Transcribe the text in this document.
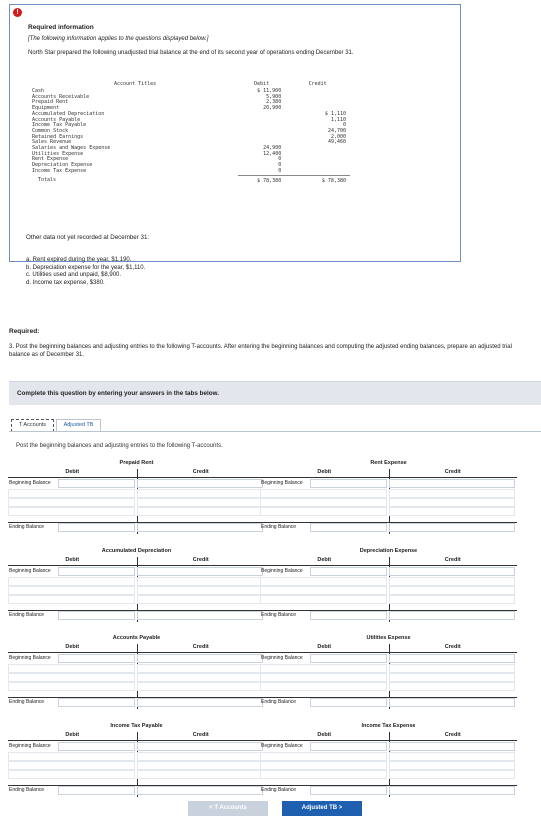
!
Required information
[The following information applies to the questions displayed below.]
North Star prepared the following unadjusted trial balance at the end of its second year of operations ending December 31.
Account Titles	Debit	Credit
Cash	$ 11,900	
Accounts Receivable	5,900	
Prepaid Rent	2,380	
Equipment	20,900	
Accumulated Depreciation		$ 1,110
Accounts Payable		1,110
Income Tax Payable		0
Common Stock		24,700
Retained Earnings		2,000
Sales Revenue		49,460
Salaries and Wages Expense	24,900	
Utilities Expense	12,400	
Rent Expense	0	
Depreciation Expense	0	
Income Tax Expense	0	
Totals	$ 78,380	$ 78,380
Other data not yet recorded at December 31:
a. Rent expired during the year, $1,190.
b. Depreciation expense for the year, $1,110.
c. Utilities used and unpaid, $8,900.
d. Income tax expense, $380.
Required:
3. Post the beginning balances and adjusting entries to the following T-accounts. After entering the beginning balances and computing the adjusted ending balances, prepare an adjusted trial balance as of December 31.
Complete this question by entering your answers in the tabs below.
T Accounts	Adjusted TB
Post the beginning balances and adjusting entries to the following T-accounts.
Prepaid Rent
Debit	Credit
Beginning Balance
Ending Balance
Rent Expense
Debit	Credit
Beginning Balance
Ending Balance
Accumulated Depreciation
Debit	Credit
Beginning Balance
Ending Balance
Depreciation Expense
Debit	Credit
Beginning Balance
Ending Balance
Accounts Payable
Debit	Credit
Beginning Balance
Ending Balance
Utilities Expense
Debit	Credit
Beginning Balance
Ending Balance
Income Tax Payable
Debit	Credit
Beginning Balance
Ending Balance
Income Tax Expense
Debit	Credit
Beginning Balance
Ending Balance
< T Accounts	Adjusted TB >
